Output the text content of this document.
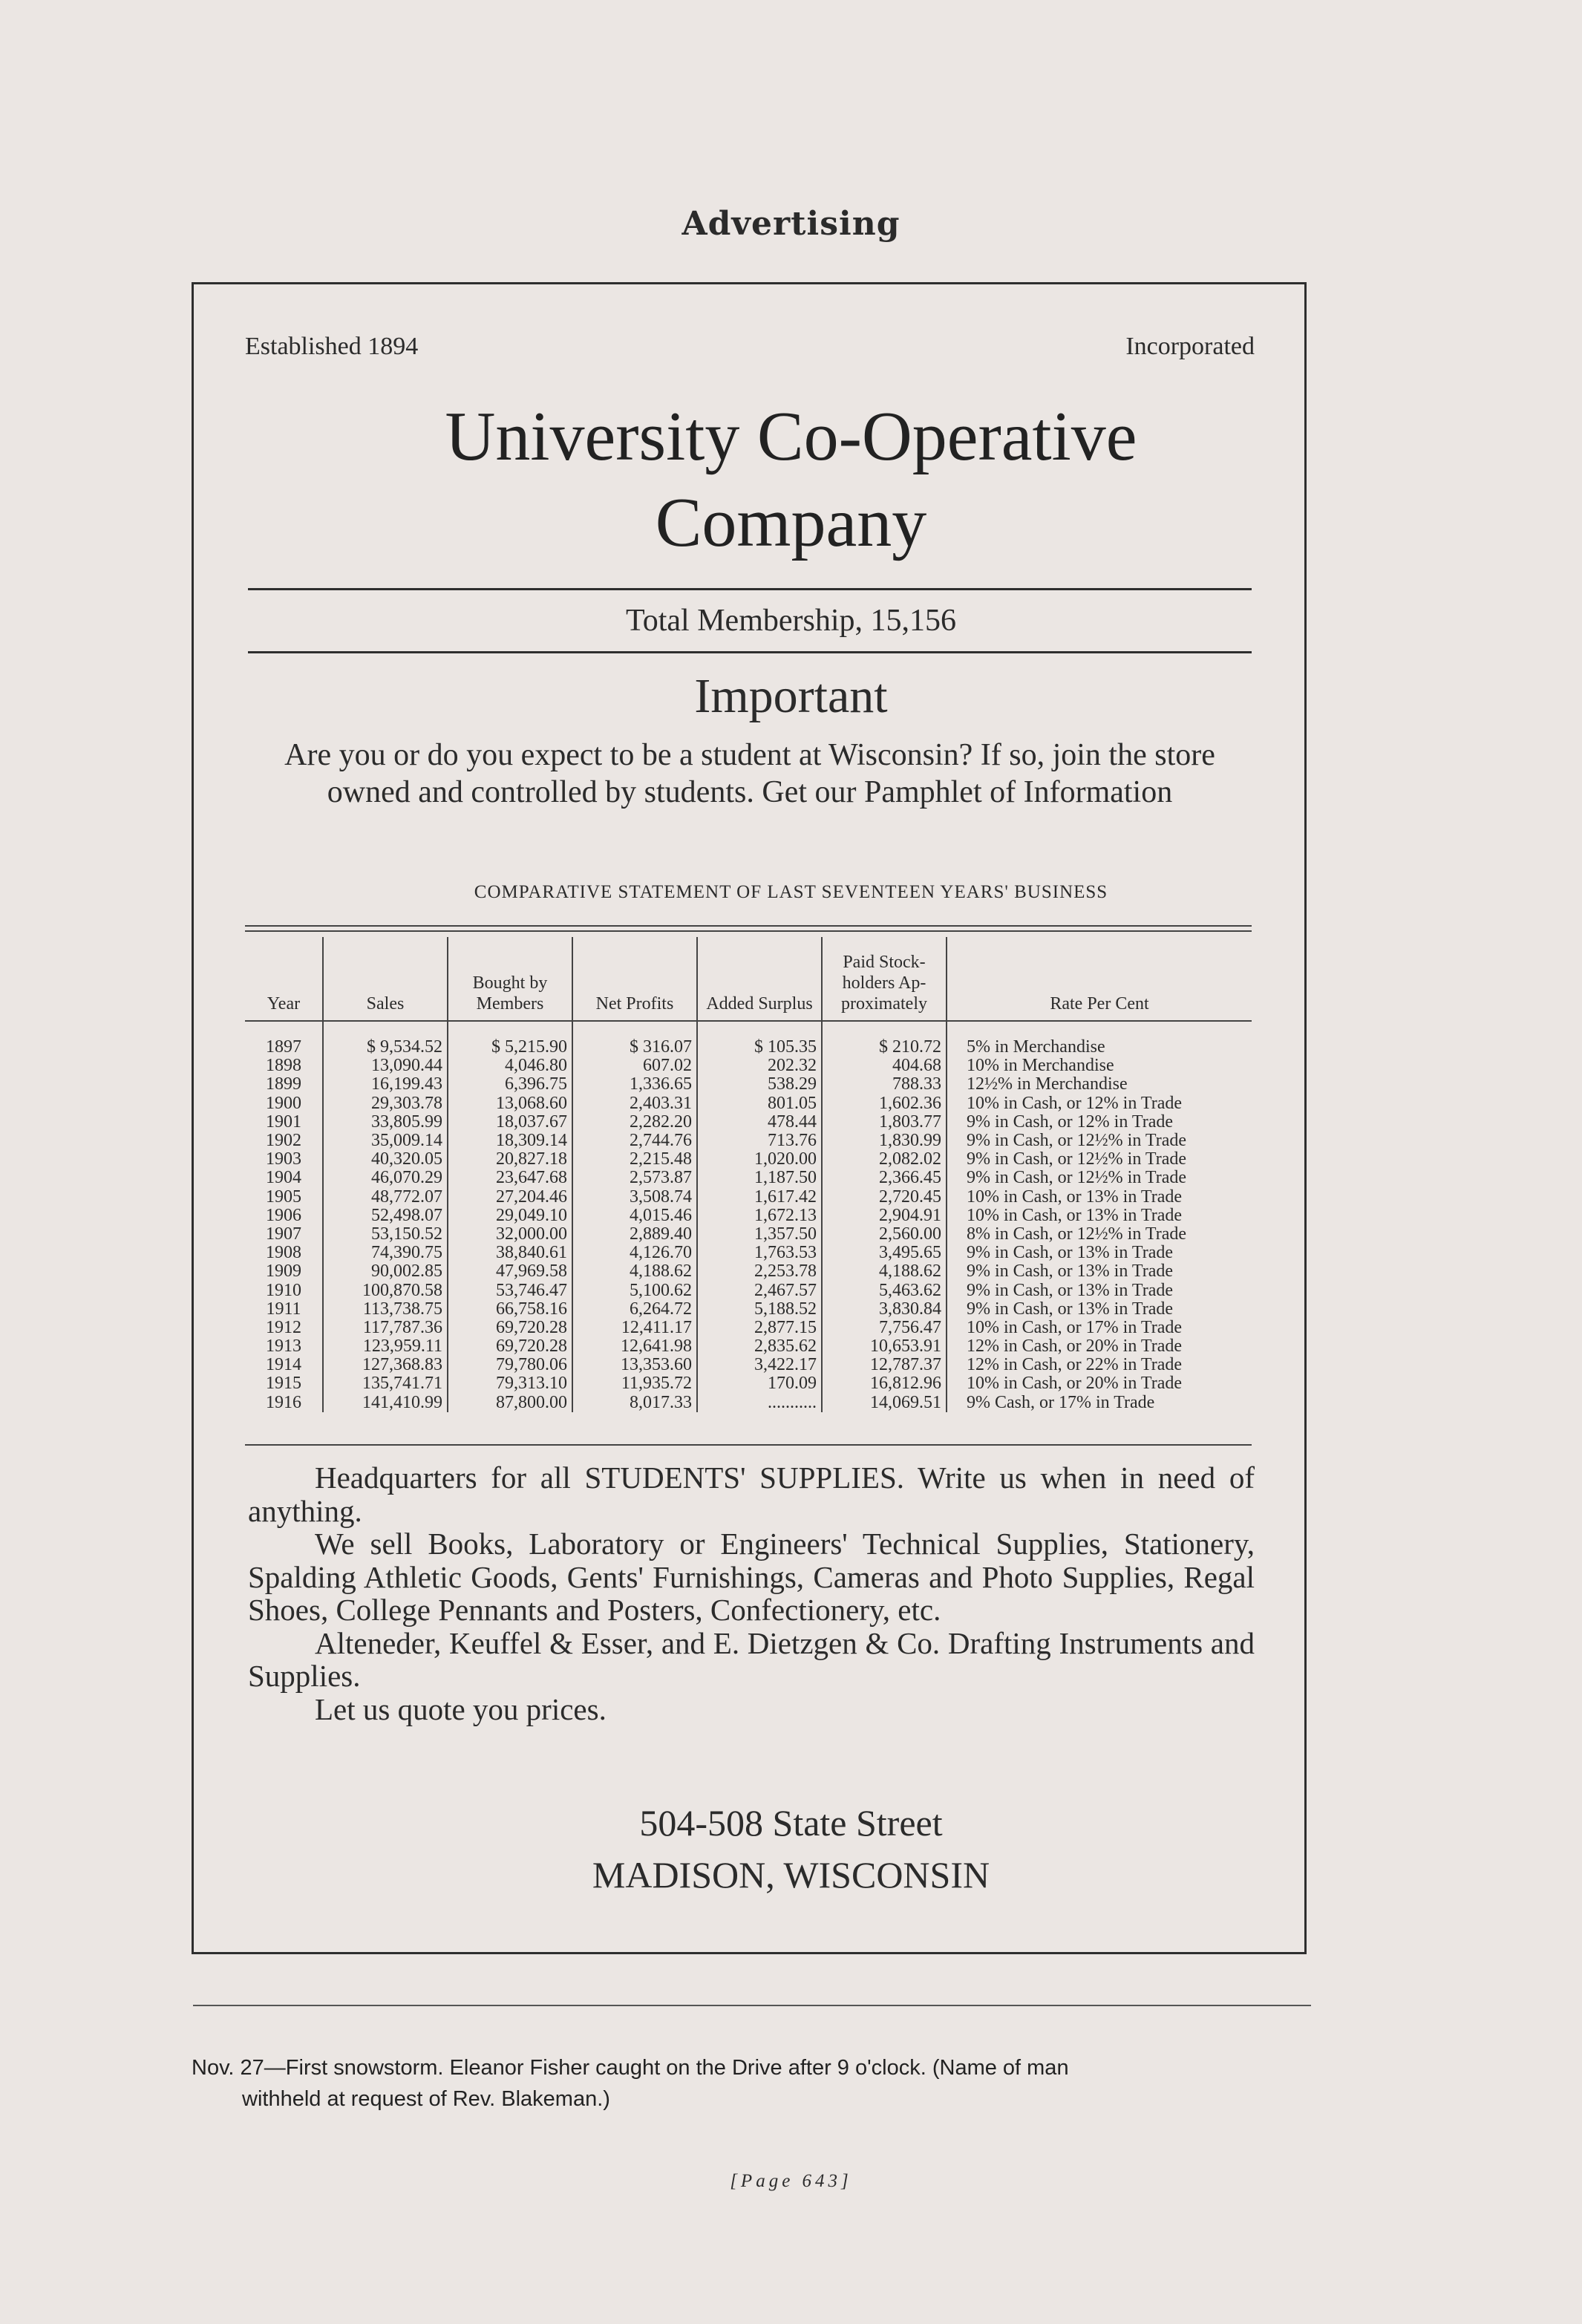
Advertising
Established 1894	Incorporated
University Co-Operative
Company
Total Membership, 15,156
Important
Are you or do you expect to be a student at Wisconsin? If so, join the store owned and controlled by students. Get our Pamphlet of Information
COMPARATIVE STATEMENT OF LAST SEVENTEEN YEARS' BUSINESS
Year	Sales	Bought by Members	Net Profits	Added Surplus	Paid Stock-holders Ap-proximately	Rate Per Cent

1897	$ 9,534.52	$ 5,215.90	$ 316.07	$ 105.35	$ 210.72	5% in Merchandise
1898	13,090.44	4,046.80	607.02	202.32	404.68	10% in Merchandise
1899	16,199.43	6,396.75	1,336.65	538.29	788.33	12½% in Merchandise
1900	29,303.78	13,068.60	2,403.31	801.05	1,602.36	10% in Cash, or 12% in Trade
1901	33,805.99	18,037.67	2,282.20	478.44	1,803.77	9% in Cash, or 12% in Trade
1902	35,009.14	18,309.14	2,744.76	713.76	1,830.99	9% in Cash, or 12½% in Trade
1903	40,320.05	20,827.18	2,215.48	1,020.00	2,082.02	9% in Cash, or 12½% in Trade
1904	46,070.29	23,647.68	2,573.87	1,187.50	2,366.45	9% in Cash, or 12½% in Trade
1905	48,772.07	27,204.46	3,508.74	1,617.42	2,720.45	10% in Cash, or 13% in Trade
1906	52,498.07	29,049.10	4,015.46	1,672.13	2,904.91	10% in Cash, or 13% in Trade
1907	53,150.52	32,000.00	2,889.40	1,357.50	2,560.00	8% in Cash, or 12½% in Trade
1908	74,390.75	38,840.61	4,126.70	1,763.53	3,495.65	9% in Cash, or 13% in Trade
1909	90,002.85	47,969.58	4,188.62	2,253.78	4,188.62	9% in Cash, or 13% in Trade
1910	100,870.58	53,746.47	5,100.62	2,467.57	5,463.62	9% in Cash, or 13% in Trade
1911	113,738.75	66,758.16	6,264.72	5,188.52	3,830.84	9% in Cash, or 13% in Trade
1912	117,787.36	69,720.28	12,411.17	2,877.15	7,756.47	10% in Cash, or 17% in Trade
1913	123,959.11	69,720.28	12,641.98	2,835.62	10,653.91	12% in Cash, or 20% in Trade
1914	127,368.83	79,780.06	13,353.60	3,422.17	12,787.37	12% in Cash, or 22% in Trade
1915	135,741.71	79,313.10	11,935.72	170.09	16,812.96	10% in Cash, or 20% in Trade
1916	141,410.99	87,800.00	8,017.33	...........	14,069.51	9% Cash, or 17% in Trade

Headquarters for all STUDENTS' SUPPLIES. Write us when in need of anything.

We sell Books, Laboratory or Engineers' Technical Supplies, Stationery, Spalding Athletic Goods, Gents' Furnishings, Cameras and Photo Supplies, Regal Shoes, College Pennants and Posters, Confectionery, etc.

Alteneder, Keuffel & Esser, and E. Dietzgen & Co. Drafting Instruments and Supplies.

Let us quote you prices.

504-508 State Street
MADISON, WISCONSIN
Nov. 27—First snowstorm. Eleanor Fisher caught on the Drive after 9 o'clock. (Name of man
withheld at request of Rev. Blakeman.)
[Page 643]
